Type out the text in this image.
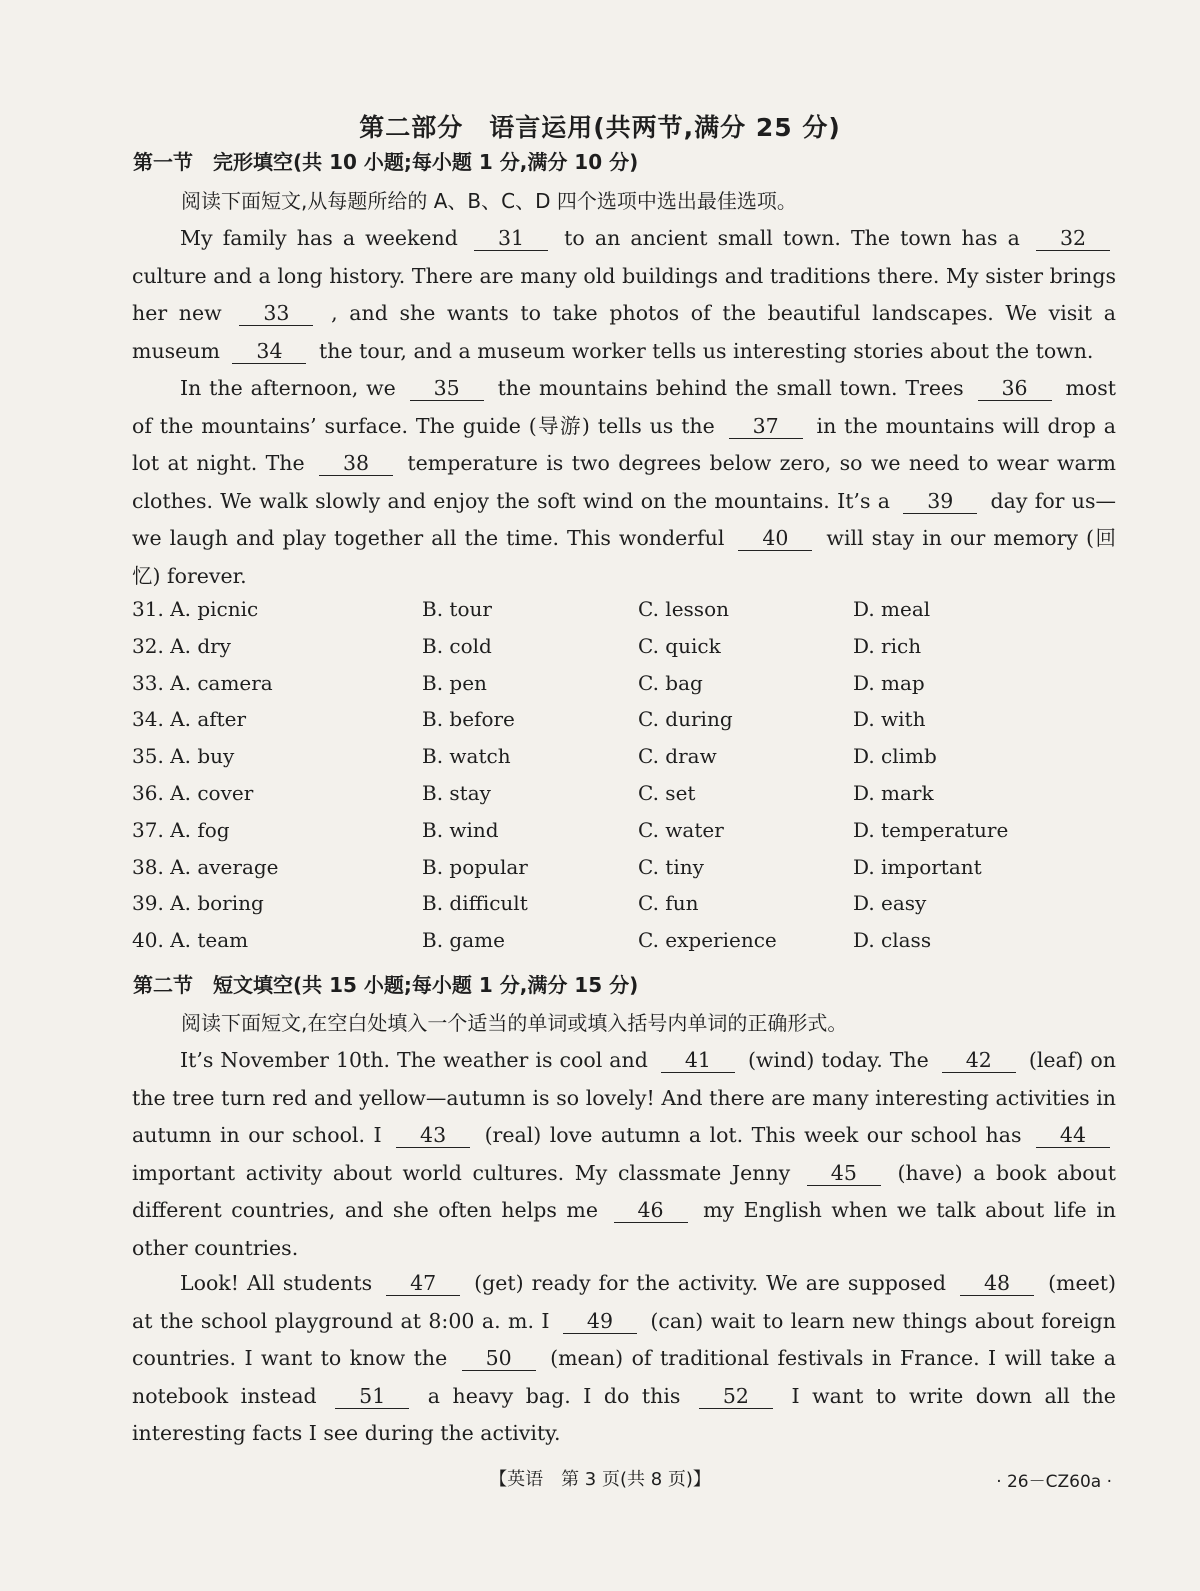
第二部分　语言运用(共两节,满分 25 分)
第一节　完形填空(共 10 小题;每小题 1 分,满分 10 分)
阅读下面短文,从每题所给的 A、B、C、D 四个选项中选出最佳选项。
My family has a weekend 31 to an ancient small town. The town has a 32 culture and a long history. There are many old buildings and traditions there. My sister brings her new 33 , and she wants to take photos of the beautiful landscapes. We visit a museum 34 the tour, and a museum worker tells us interesting stories about the town.
In the afternoon, we 35 the mountains behind the small town. Trees 36 most of the mountains’ surface. The guide (导游) tells us the 37 in the mountains will drop a lot at night. The 38 temperature is two degrees below zero, so we need to wear warm clothes. We walk slowly and enjoy the soft wind on the mountains. It’s a 39 day for us—we laugh and play together all the time. This wonderful 40 will stay in our memory (回忆) forever.
31. A. picnic	B. tour	C. lesson	D. meal
32. A. dry	B. cold	C. quick	D. rich
33. A. camera	B. pen	C. bag	D. map
34. A. after	B. before	C. during	D. with
35. A. buy	B. watch	C. draw	D. climb
36. A. cover	B. stay	C. set	D. mark
37. A. fog	B. wind	C. water	D. temperature
38. A. average	B. popular	C. tiny	D. important
39. A. boring	B. difficult	C. fun	D. easy
40. A. team	B. game	C. experience	D. class
第二节　短文填空(共 15 小题;每小题 1 分,满分 15 分)
阅读下面短文,在空白处填入一个适当的单词或填入括号内单词的正确形式。
It’s November 10th. The weather is cool and 41 (wind) today. The 42 (leaf) on the tree turn red and yellow—autumn is so lovely! And there are many interesting activities in autumn in our school. I 43 (real) love autumn a lot. This week our school has 44 important activity about world cultures. My classmate Jenny 45 (have) a book about different countries, and she often helps me 46 my English when we talk about life in other countries.
Look! All students 47 (get) ready for the activity. We are supposed 48 (meet) at the school playground at 8:00 a. m. I 49 (can) wait to learn new things about foreign countries. I want to know the 50 (mean) of traditional festivals in France. I will take a notebook instead 51 a heavy bag. I do this 52 I want to write down all the interesting facts I see during the activity.
【英语　第 3 页(共 8 页)】	· 26－CZ60a ·
